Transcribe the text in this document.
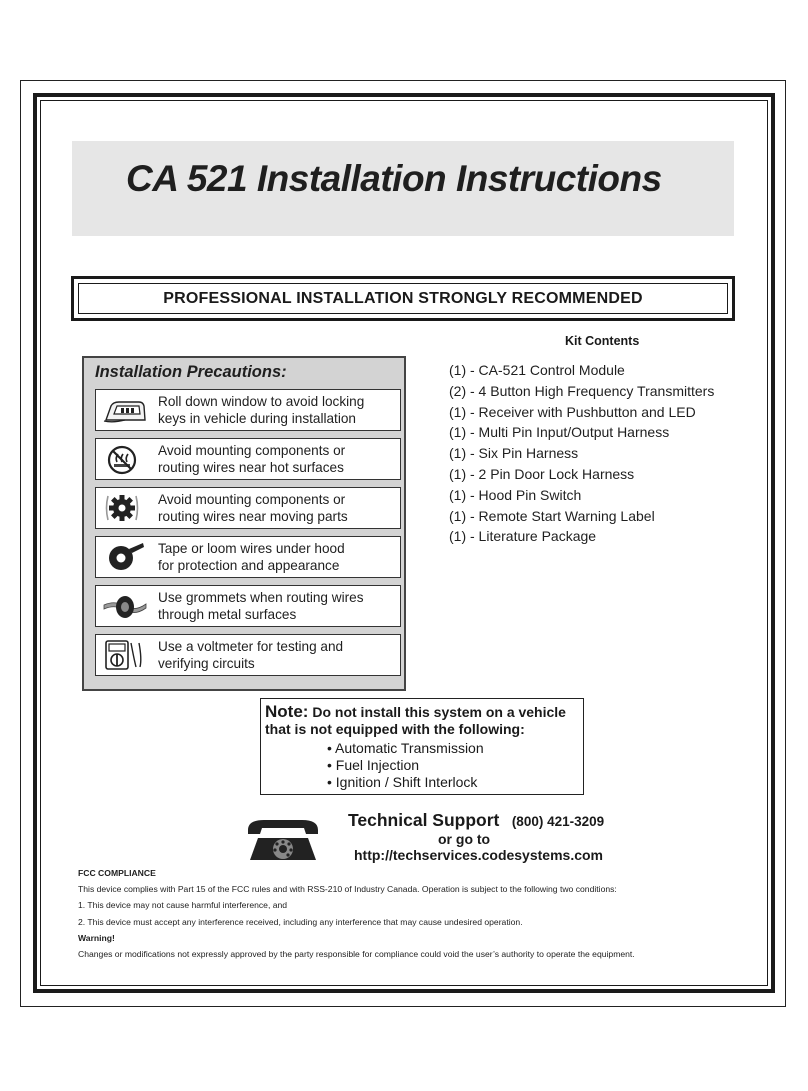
CA 521 Installation Instructions
PROFESSIONAL INSTALLATION STRONGLY RECOMMENDED
Kit Contents
(1) - CA-521 Control Module
(2) - 4 Button High Frequency Transmitters
(1) - Receiver with Pushbutton and LED
(1) - Multi Pin Input/Output Harness
(1) - Six Pin Harness
(1) - 2 Pin Door Lock Harness
(1) - Hood Pin Switch
(1) - Remote Start Warning Label
(1) - Literature Package
Installation Precautions:
Roll down window to avoid locking
keys in vehicle during installation
Avoid mounting components or
routing wires near hot surfaces
Avoid mounting components or
routing wires near moving parts
Tape or loom wires under hood
for protection and appearance
Use grommets when routing wires
through metal surfaces
Use a voltmeter for testing and
verifying circuits
Note: Do not install this system on a vehicle
that is not equipped with the following:
• Automatic Transmission
• Fuel Injection
• Ignition / Shift Interlock
Technical Support (800) 421-3209
or go to
http://techservices.codesystems.com
FCC COMPLIANCE
This device complies with Part 15 of the FCC rules and with RSS-210 of Industry Canada. Operation is subject to the following two conditions:
1. This device may not cause harmful interference, and
2. This device must accept any interference received, including any interference that may cause undesired operation.
Warning!
Changes or modifications not expressly approved by the party responsible for compliance could void the user’s authority to operate the equipment.
